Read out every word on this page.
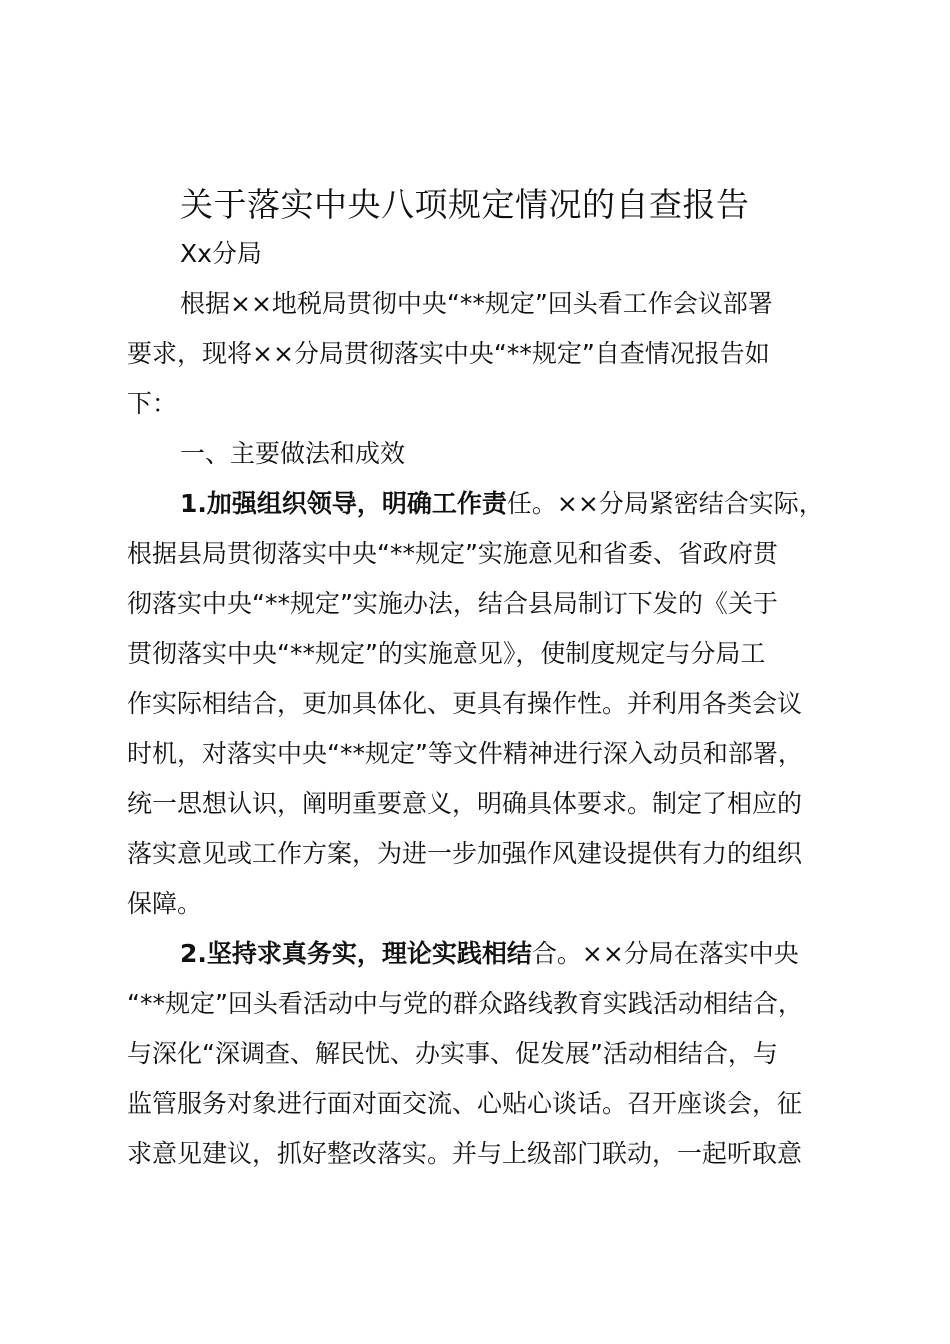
关于落实中央八项规定情况的自查报告
Xx分局
根据××地税局贯彻中央“**规定”回头看工作会议部署
要求，现将××分局贯彻落实中央“**规定”自查情况报告如
下：
一、主要做法和成效
1.加强组织领导，明确工作责任。××分局紧密结合实际，
根据县局贯彻落实中央“**规定”实施意见和省委、省政府贯
彻落实中央“**规定”实施办法，结合县局制订下发的《关于
贯彻落实中央“**规定”的实施意见》，使制度规定与分局工
作实际相结合，更加具体化、更具有操作性。并利用各类会议
时机，对落实中央“**规定”等文件精神进行深入动员和部署，
统一思想认识，阐明重要意义，明确具体要求。制定了相应的
落实意见或工作方案，为进一步加强作风建设提供有力的组织
保障。
2.坚持求真务实，理论实践相结合。××分局在落实中央
“**规定”回头看活动中与党的群众路线教育实践活动相结合，
与深化“深调查、解民忧、办实事、促发展”活动相结合，与
监管服务对象进行面对面交流、心贴心谈话。召开座谈会，征
求意见建议，抓好整改落实。并与上级部门联动，一起听取意
